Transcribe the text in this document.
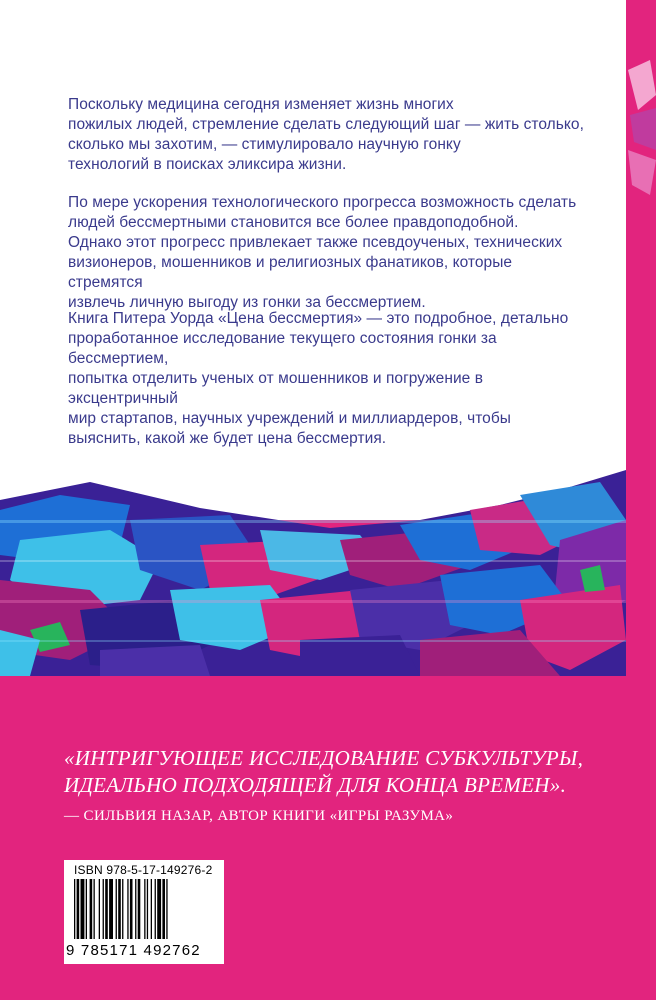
Поскольку медицина сегодня изменяет жизнь многих
пожилых людей, стремление сделать следующий шаг — жить столько,
сколько мы захотим, — стимулировало научную гонку
технологий в поисках эликсира жизни.

По мере ускорения технологического прогресса возможность сделать
людей бессмертными становится все более правдоподобной.
Однако этот прогресс привлекает также псевдоученых, технических
визионеров, мошенников и религиозных фанатиков, которые стремятся
извлечь личную выгоду из гонки за бессмертием.

Книга Питера Уорда «Цена бессмертия» — это подробное, детально
проработанное исследование текущего состояния гонки за бессмертием,
попытка отделить ученых от мошенников и погружение в эксцентричный
мир стартапов, научных учреждений и миллиардеров, чтобы
выяснить, какой же будет цена бессмертия.

«ИНТРИГУЮЩЕЕ ИССЛЕДОВАНИЕ СУБКУЛЬТУРЫ,
ИДЕАЛЬНО ПОДХОДЯЩЕЙ ДЛЯ КОНЦА ВРЕМЕН».

— СИЛЬВИЯ НАЗАР, АВТОР КНИГИ «ИГРЫ РАЗУМА»

ISBN 978-5-17-149276-2
9 785171 492762
